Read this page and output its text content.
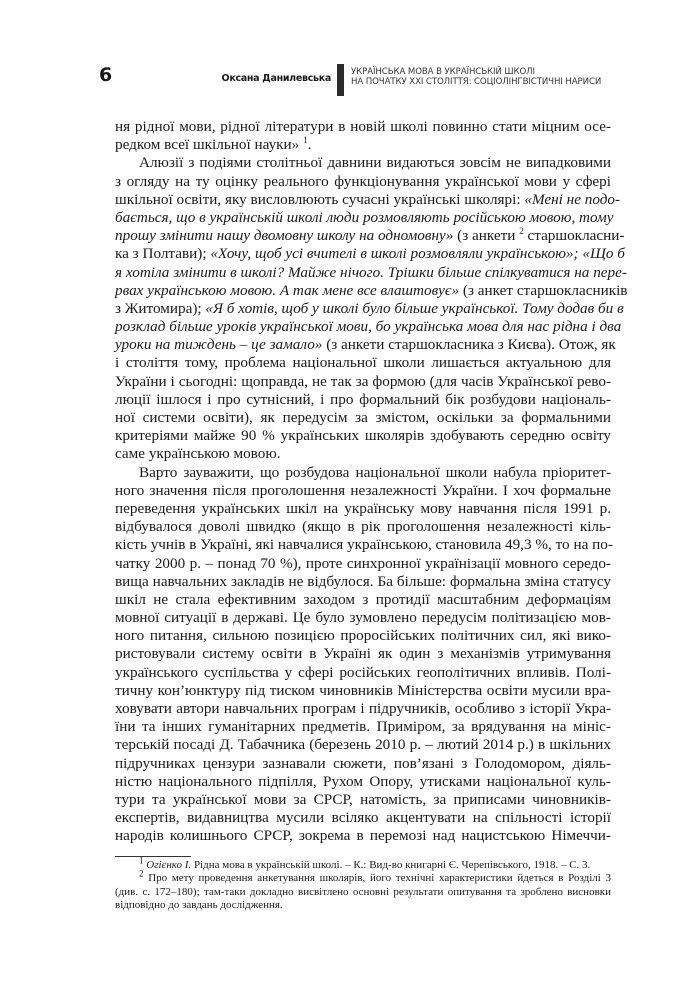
6	Оксана Данилевська
УКРАЇНСЬКА МОВА В УКРАЇНСЬКІЙ ШКОЛІ
НА ПОЧАТКУ XXI СТОЛІТТЯ: СОЦІОЛІНГВІСТИЧНІ НАРИСИ
ня рідної мови, рідної літератури в новій школі повинно стати міцним осе-
редком всеї шкільної науки» $^1$.
Алюзії з подіями столітньої давнини видаються зовсім не випадковими
з огляду на ту оцінку реального функціонування української мови у сфері
шкільної освіти, яку висловлюють сучасні українські школярі: «Мені не подо-
бається, що в українській школі люди розмовляють російською мовою, тому
прошу змінити нашу двомовну школу на одномовну» (з анкети $^2$ старшокласни-
ка з Полтави); «Хочу, щоб усі вчителі в школі розмовляли українською»; «Що б
я хотіла змінити в школі? Майже нічого. Трішки більше спілкуватися на пере-
рвах українською мовою. А так мене все влаштовує» (з анкет старшокласників
з Житомира); «Я б хотів, щоб у школі було більше української. Тому додав би в
розклад більше уроків української мови, бо українська мова для нас рідна і два
уроки на тиждень – це замало» (з анкети старшокласника з Києва). Отож, як
і століття тому, проблема національної школи лишається актуальною для
України і сьогодні: щоправда, не так за формою (для часів Української рево-
люції ішлося і про сутнісний, і про формальний бік розбудови національ-
ної системи освіти), як передусім за змістом, оскільки за формальними
критеріями майже 90 % українських школярів здобувають середню освіту
саме українською мовою.
Варто зауважити, що розбудова національної школи набула пріоритет-
ного значення після проголошення незалежності України. І хоч формальне
переведення українських шкіл на українську мову навчання після 1991 р.
відбувалося доволі швидко (якщо в рік проголошення незалежності кіль-
кість учнів в Україні, які навчалися українською, становила 49,3 %, то на по-
чатку 2000 р. – понад 70 %), проте синхронної українізації мовного середо-
вища навчальних закладів не відбулося. Ба більше: формальна зміна статусу
шкіл не стала ефективним заходом з протидії масштабним деформаціям
мовної ситуації в державі. Це було зумовлено передусім політизацією мов-
ного питання, сильною позицією проросійських політичних сил, які вико-
ристовували систему освіти в Україні як один з механізмів утримування
українського суспільства у сфері російських геополітичних впливів. Полі-
тичну кон’юнктуру під тиском чиновників Міністерства освіти мусили вра-
ховувати автори навчальних програм і підручників, особливо з історії Укра-
їни та інших гуманітарних предметів. Приміром, за врядування на мініс-
терській посаді Д. Табачника (березень 2010 р. – лютий 2014 р.) в шкільних
підручниках цензури зазнавали сюжети, пов’язані з Голодомором, діяль-
ністю національного підпілля, Рухом Опору, утисками національної куль-
тури та української мови за СРСР, натомість, за приписами чиновників-
експертів, видавництва мусили всіляко акцентувати на спільності історії
народів колишнього СРСР, зокрема в перемозі над нацистською Німеччи-
$^1$ Огієнко І. Рідна мова в українській школі. – К.: Вид-во книгарні Є. Черепівського, 1918. – С. 3.
$^2$ Про мету проведення анкетування школярів, його технічні характеристики йдеться в Розділі 3
(див. с. 172–180); там-таки докладно висвітлено основні результати опитування та зроблено висновки
відповідно до завдань дослідження.
